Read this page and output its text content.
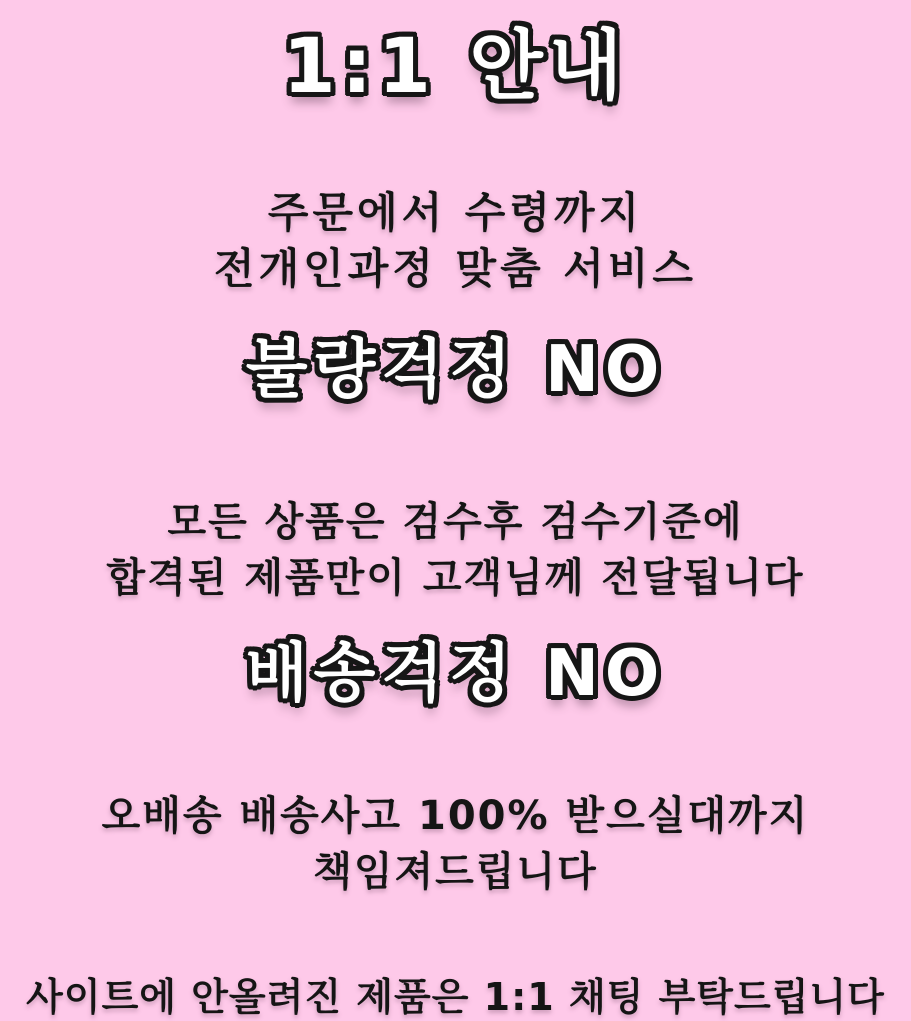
1:1 안내
주문에서 수령까지
전개인과정 맞춤 서비스
불량걱정 NO
모든 상품은 검수후 검수기준에
합격된 제품만이 고객님께 전달됩니다
배송걱정 NO
오배송 배송사고 100% 받으실대까지
책임져드립니다
사이트에 안올려진 제품은 1:1 채팅 부탁드립니다
